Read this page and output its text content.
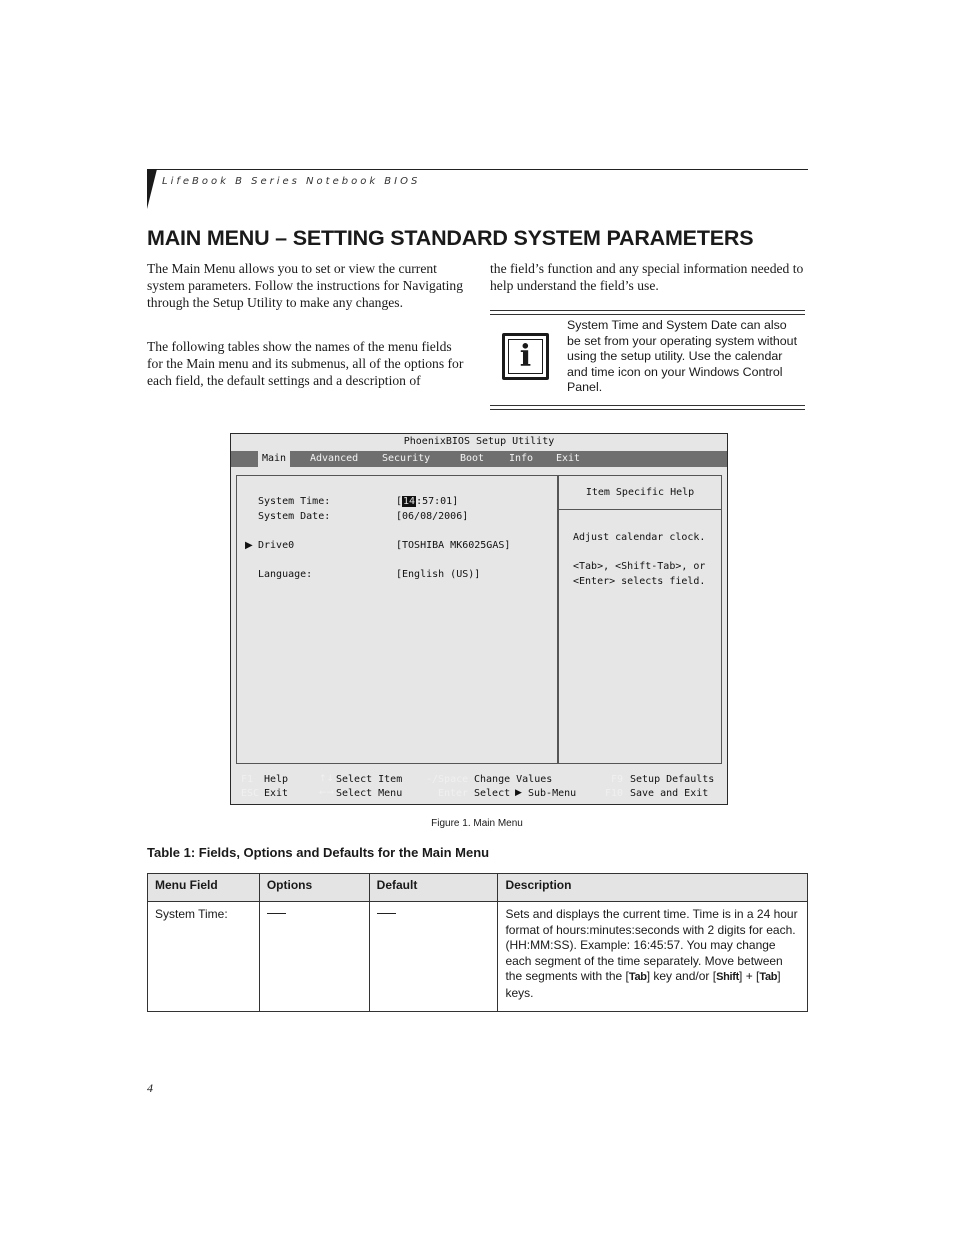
LifeBook B Series Notebook BIOS
MAIN MENU – SETTING STANDARD SYSTEM PARAMETERS

The Main Menu allows you to set or view the current system parameters. Follow the instructions for Navigating through the Setup Utility to make any changes.

The following tables show the names of the menu fields for the Main menu and its submenus, all of the options for each field, the default settings and a description of

the field’s function and any special information needed to help understand the field’s use.

i

System Time and System Date can also be set from your operating system without using the setup utility. Use the calendar and time icon on your Windows Control Panel.

PhoenixBIOS Setup Utility
Main	Advanced Security	Boot Info Exit
System Time:	[14:57:01]
System Date:	[06/08/2006]
▶ Drive0	[TOSHIBA MK6025GAS]
Language:	[English (US)]
Item Specific Help
Adjust calendar clock.
<Tab>, <Shift-Tab>, or
<Enter> selects field.
F1 Help
ESC Exit
↑↓ Select Item
←→ Select Menu
-/Space Change Values
Enter Select ▶ Sub-Menu
F9 Setup Defaults
F10 Save and Exit
Figure 1. Main Menu
Table 1: Fields, Options and Defaults for the Main Menu
Menu Field	Options	Default	Description
System Time:			Sets and displays the current time. Time is in a 24 hour format of hours:minutes:seconds with 2 digits for each. (HH:MM:SS). Example: 16:45:57. You may change each segment of the time separately. Move between the segments with the [Tab] key and/or [Shift] + [Tab] keys.
4
